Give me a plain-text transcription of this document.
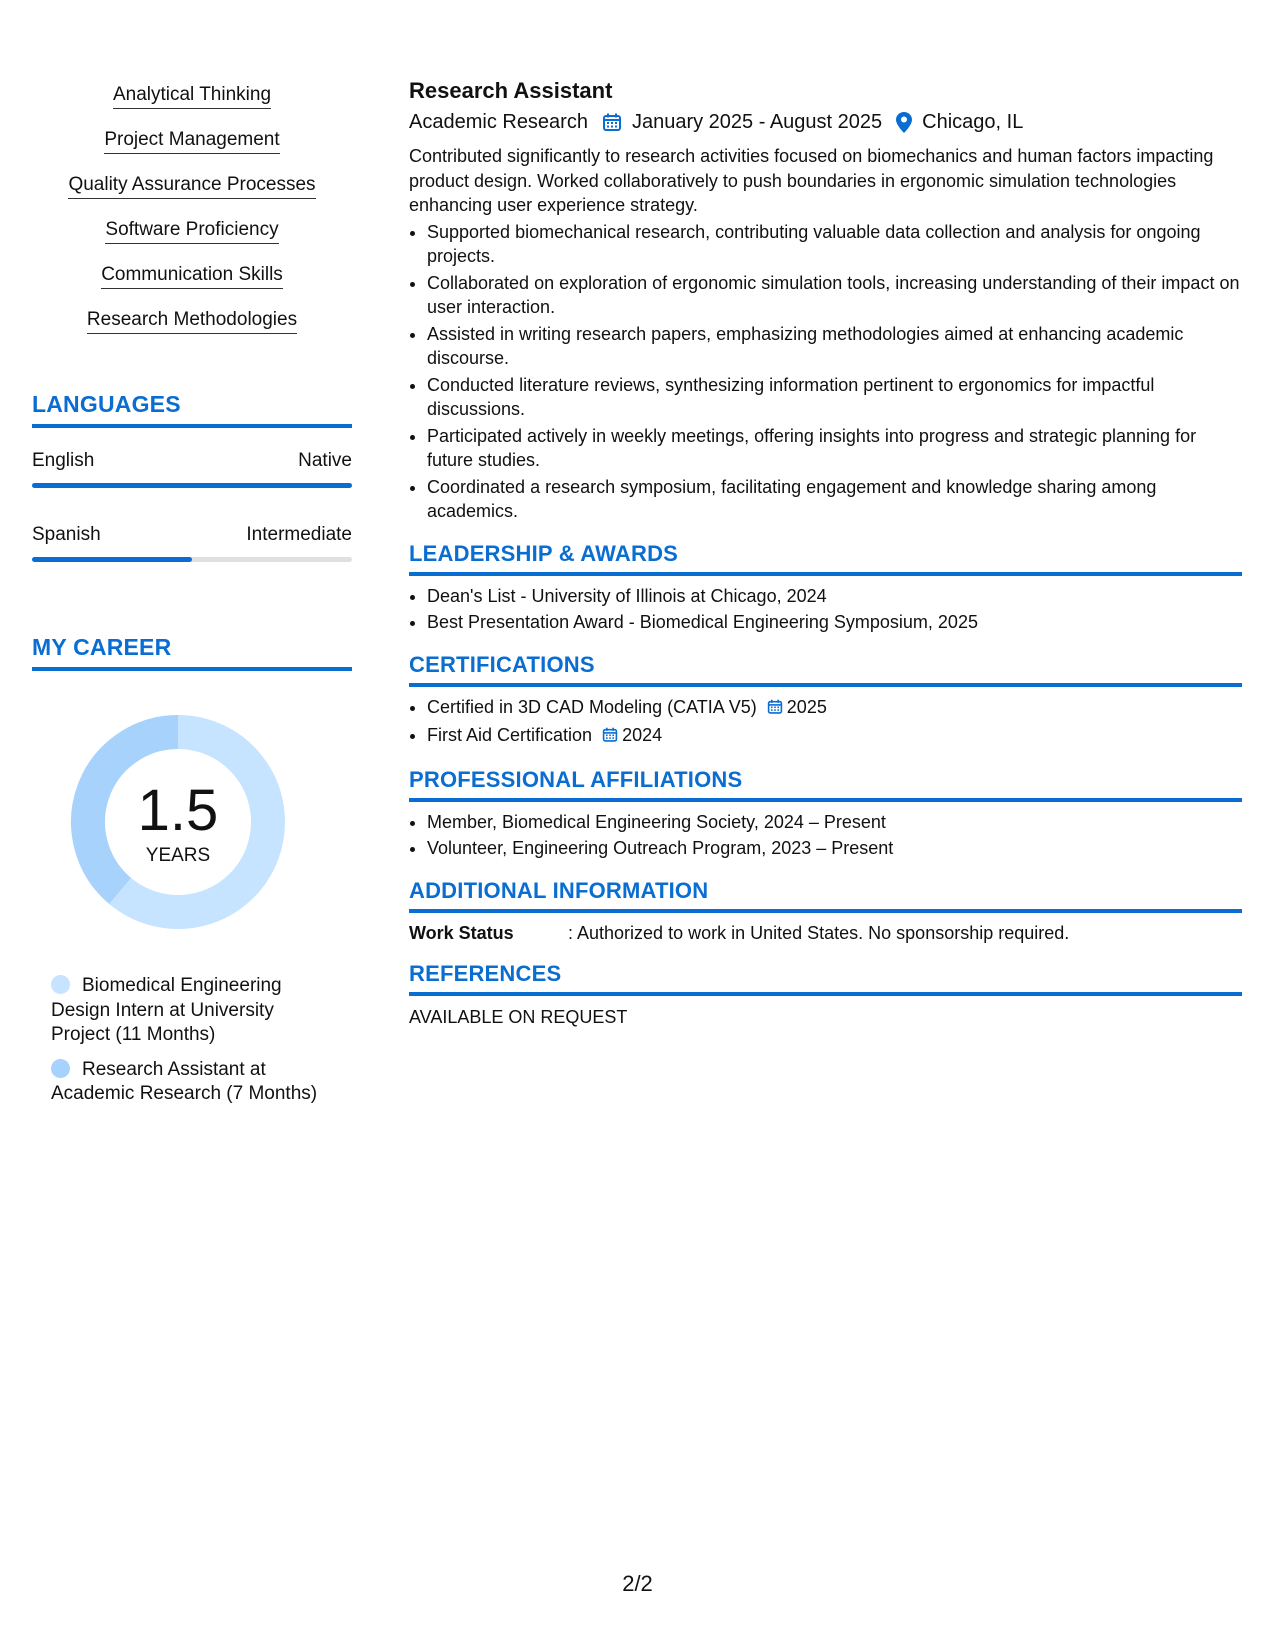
Analytical Thinking
Project Management
Quality Assurance Processes
Software Proficiency
Communication Skills
Research Methodologies
LANGUAGES
English	Native
Spanish	Intermediate
MY CAREER
1.5
YEARS
Biomedical Engineering Design Intern at University Project (11 Months)
Research Assistant at Academic Research (7 Months)
Research Assistant
Academic Research January 2025 - August 2025 Chicago, IL
Contributed significantly to research activities focused on biomechanics and human factors impacting product design. Worked collaboratively to push boundaries in ergonomic simulation technologies enhancing user experience strategy.
• Supported biomechanical research, contributing valuable data collection and analysis for ongoing projects.
• Collaborated on exploration of ergonomic simulation tools, increasing understanding of their impact on user interaction.
• Assisted in writing research papers, emphasizing methodologies aimed at enhancing academic discourse.
• Conducted literature reviews, synthesizing information pertinent to ergonomics for impactful discussions.
• Participated actively in weekly meetings, offering insights into progress and strategic planning for future studies.
• Coordinated a research symposium, facilitating engagement and knowledge sharing among academics.
LEADERSHIP & AWARDS
• Dean's List - University of Illinois at Chicago, 2024
• Best Presentation Award - Biomedical Engineering Symposium, 2025
CERTIFICATIONS
• Certified in 3D CAD Modeling (CATIA V5) 2025
• First Aid Certification 2024
PROFESSIONAL AFFILIATIONS
• Member, Biomedical Engineering Society, 2024 – Present
• Volunteer, Engineering Outreach Program, 2023 – Present
ADDITIONAL INFORMATION
Work Status	: Authorized to work in United States. No sponsorship required.
REFERENCES
AVAILABLE ON REQUEST
2/2
